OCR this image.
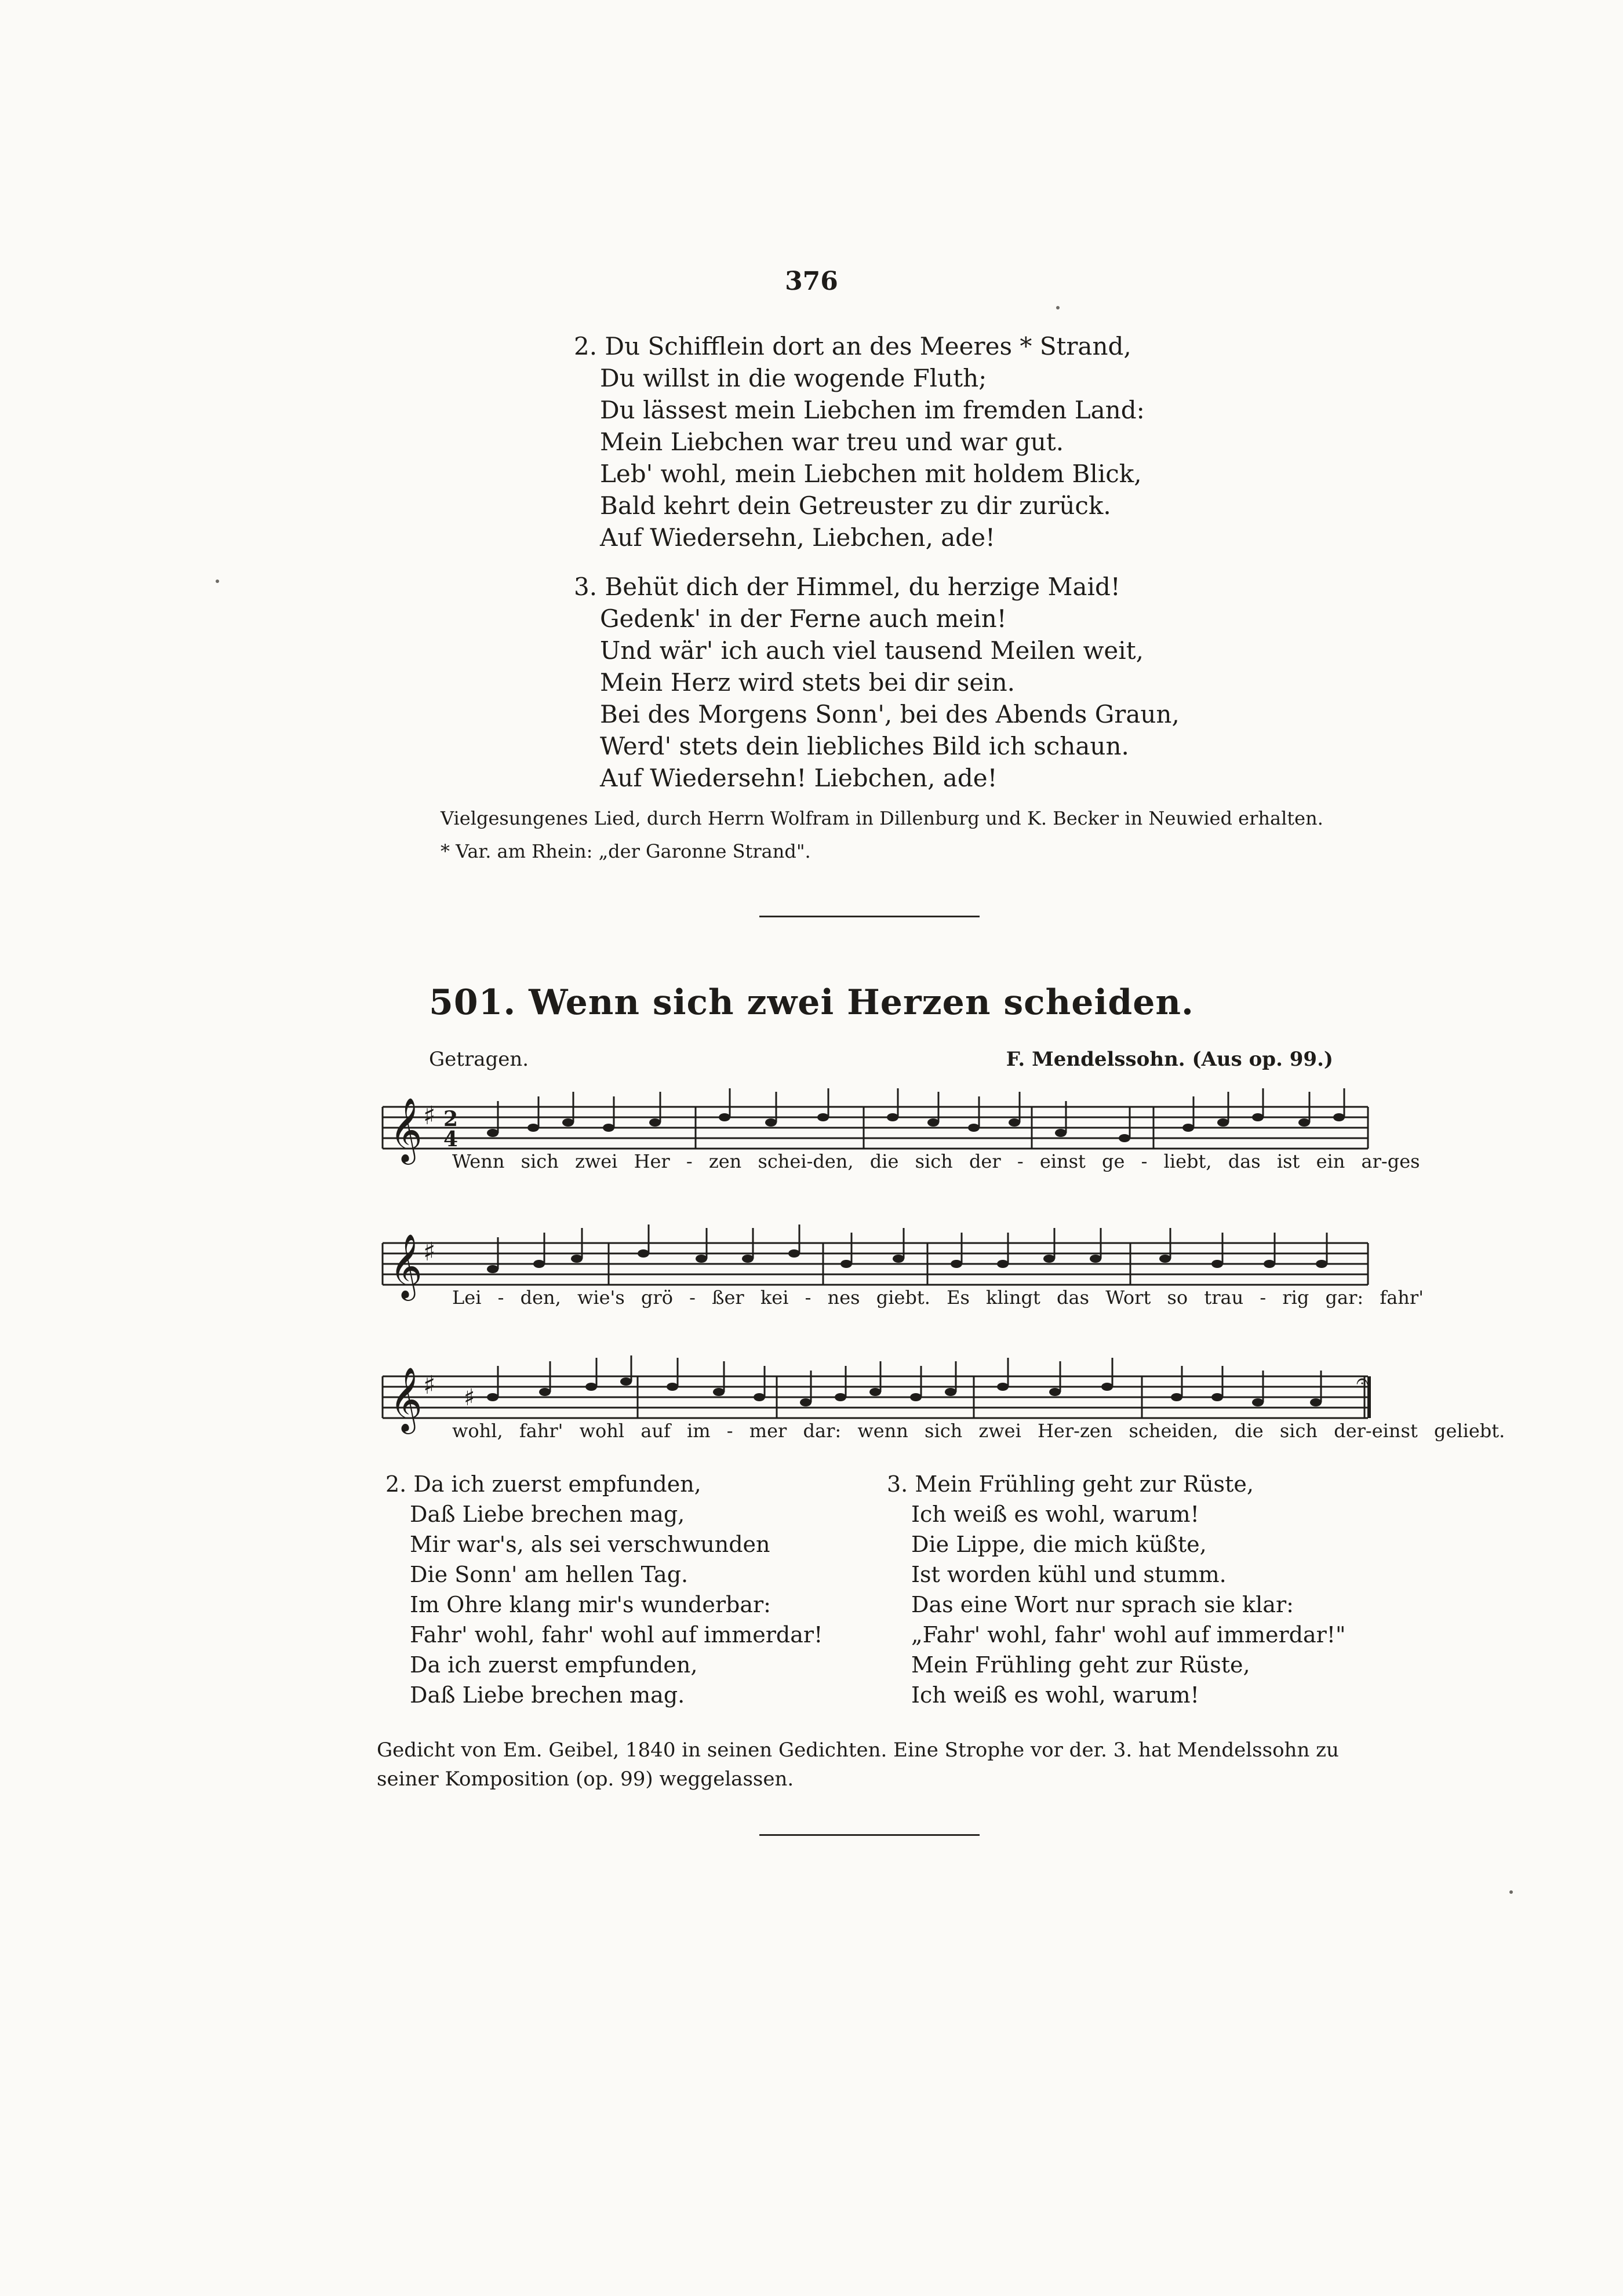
376
2. Du Schifflein dort an des Meeres * Strand,
Du willst in die wogende Fluth;
Du lässest mein Liebchen im fremden Land:
Mein Liebchen war treu und war gut.
Leb' wohl, mein Liebchen mit holdem Blick,
Bald kehrt dein Getreuster zu dir zurück.
Auf Wiedersehn, Liebchen, ade!
3. Behüt dich der Himmel, du herzige Maid!
Gedenk' in der Ferne auch mein!
Und wär' ich auch viel tausend Meilen weit,
Mein Herz wird stets bei dir sein.
Bei des Morgens Sonn', bei des Abends Graun,
Werd' stets dein liebliches Bild ich schaun.
Auf Wiedersehn! Liebchen, ade!
Vielgesungenes Lied, durch Herrn Wolfram in Dillenburg und K. Becker in Neuwied erhalten.
* Var. am Rhein: „der Garonne Strand".
501. Wenn sich zwei Herzen scheiden.
Getragen.	F. Mendelssohn. (Aus op. 99.)
𝄞 ♯ 2
4
Wenn sich zwei Her - zen schei-den, die sich der - einst ge - liebt, das ist ein ar-ges
𝄞 ♯
Lei - den, wie's grö - ßer kei - nes giebt. Es klingt das Wort so trau - rig gar: fahr'
𝄞 ♯ ♯
𝄐
wohl, fahr' wohl auf im - mer dar: wenn sich zwei Her-zen scheiden, die sich der-einst geliebt.
2. Da ich zuerst empfunden,
Daß Liebe brechen mag,
Mir war's, als sei verschwunden
Die Sonn' am hellen Tag.
Im Ohre klang mir's wunderbar:
Fahr' wohl, fahr' wohl auf immerdar!
Da ich zuerst empfunden,
Daß Liebe brechen mag.
3. Mein Frühling geht zur Rüste,
Ich weiß es wohl, warum!
Die Lippe, die mich küßte,
Ist worden kühl und stumm.
Das eine Wort nur sprach sie klar:
„Fahr' wohl, fahr' wohl auf immerdar!"
Mein Frühling geht zur Rüste,
Ich weiß es wohl, warum!
Gedicht von Em. Geibel, 1840 in seinen Gedichten. Eine Strophe vor der. 3. hat Mendelssohn zu seiner Komposition (op. 99) weggelassen.
